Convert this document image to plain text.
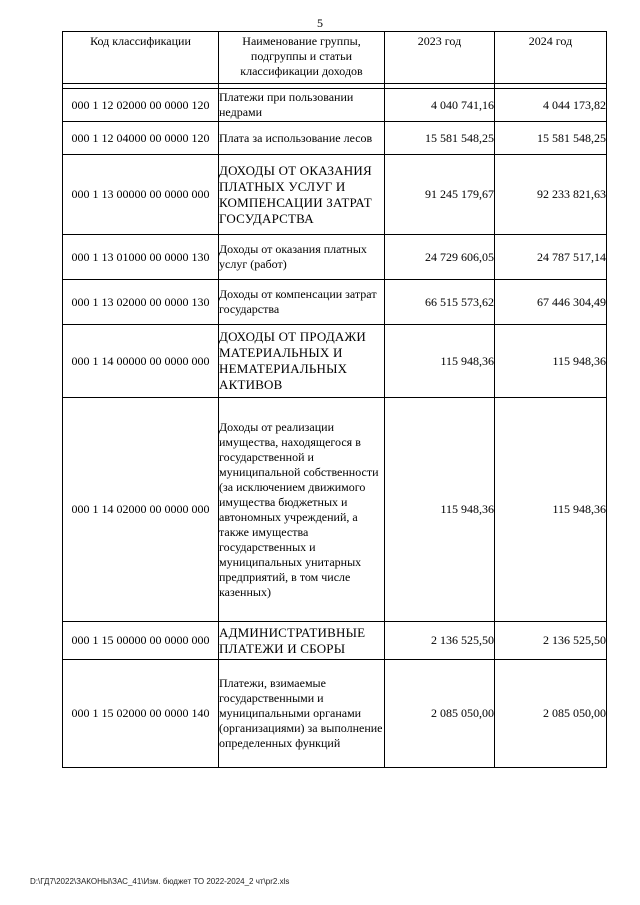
5
Код классификации	Наименование группы, подгруппы и статьи классификации доходов	2023 год	2024 год

000 1 12 02000 00 0000 120	Платежи при пользовании недрами	4 040 741,16	4 044 173,82
000 1 12 04000 00 0000 120	Плата за использование лесов	15 581 548,25	15 581 548,25
000 1 13 00000 00 0000 000	ДОХОДЫ ОТ ОКАЗАНИЯ ПЛАТНЫХ УСЛУГ И КОМПЕНСАЦИИ ЗАТРАТ ГОСУДАРСТВА	91 245 179,67	92 233 821,63
000 1 13 01000 00 0000 130	Доходы от оказания платных услуг (работ)	24 729 606,05	24 787 517,14
000 1 13 02000 00 0000 130	Доходы от компенсации затрат государства	66 515 573,62	67 446 304,49
000 1 14 00000 00 0000 000	ДОХОДЫ ОТ ПРОДАЖИ МАТЕРИАЛЬНЫХ И НЕМАТЕРИАЛЬНЫХ АКТИВОВ	115 948,36	115 948,36
000 1 14 02000 00 0000 000	Доходы от реализации имущества, находящегося в государственной и муниципальной собственности (за исключением движимого имущества бюджетных и автономных учреждений, а также имущества государственных и муниципальных унитарных предприятий, в том числе казенных)	115 948,36	115 948,36
000 1 15 00000 00 0000 000	АДМИНИСТРАТИВНЫЕ ПЛАТЕЖИ И СБОРЫ	2 136 525,50	2 136 525,50
000 1 15 02000 00 0000 140	Платежи, взимаемые государственными и муниципальными органами (организациями) за выполнение определенных функций	2 085 050,00	2 085 050,00
D:\ГД7\2022\ЗАКОНЫ\ЗАС_41\Изм. бюджет ТО 2022-2024_2 чт\pr2.xls
